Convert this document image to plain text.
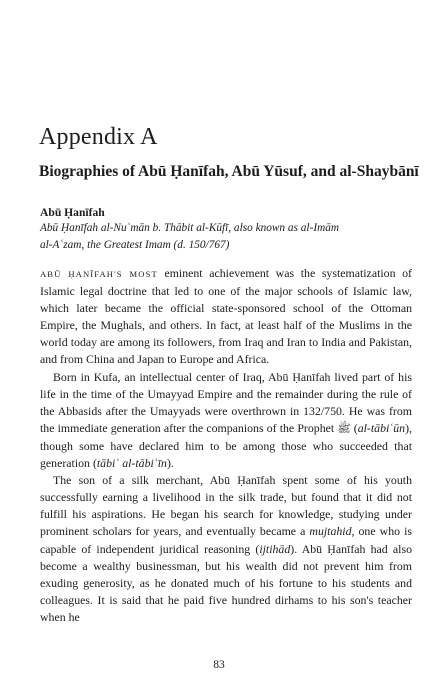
Appendix A
Biographies of Abū Ḥanīfah, Abū Yūsuf, and al-Shaybānī

Abū Ḥanīfah

Abū Ḥanīfah al-Nuʿmān b. Thābit al-Kūfī, also known as al-Imām al-Aʿzam, the Greatest Imam (d. 150/767)

ABŪ ḤANĪFAH'S MOST eminent achievement was the systematization of Islamic legal doctrine that led to one of the major schools of Islamic law, which later became the official state-sponsored school of the Ottoman Empire, the Mughals, and others. In fact, at least half of the Muslims in the world today are among its followers, from Iraq and Iran to India and Pakistan, and from China and Japan to Europe and Africa.

Born in Kufa, an intellectual center of Iraq, Abū Ḥanīfah lived part of his life in the time of the Umayyad Empire and the remainder during the rule of the Abbasids after the Umayyads were overthrown in 132/750. He was from the immediate generation after the companions of the Prophet ﷺ (al-tābiʿūn), though some have declared him to be among those who succeeded that generation (tābiʿ al-tābiʿīn).

The son of a silk merchant, Abū Ḥanīfah spent some of his youth successfully earning a livelihood in the silk trade, but found that it did not fulfill his aspirations. He began his search for knowledge, studying under prominent scholars for years, and eventually became a mujtahid, one who is capable of independent juridical reasoning (ijtihād). Abū Ḥanīfah had also become a wealthy businessman, but his wealth did not prevent him from exuding generosity, as he donated much of his fortune to his students and colleagues. It is said that he paid five hundred dirhams to his son's teacher when he

83
